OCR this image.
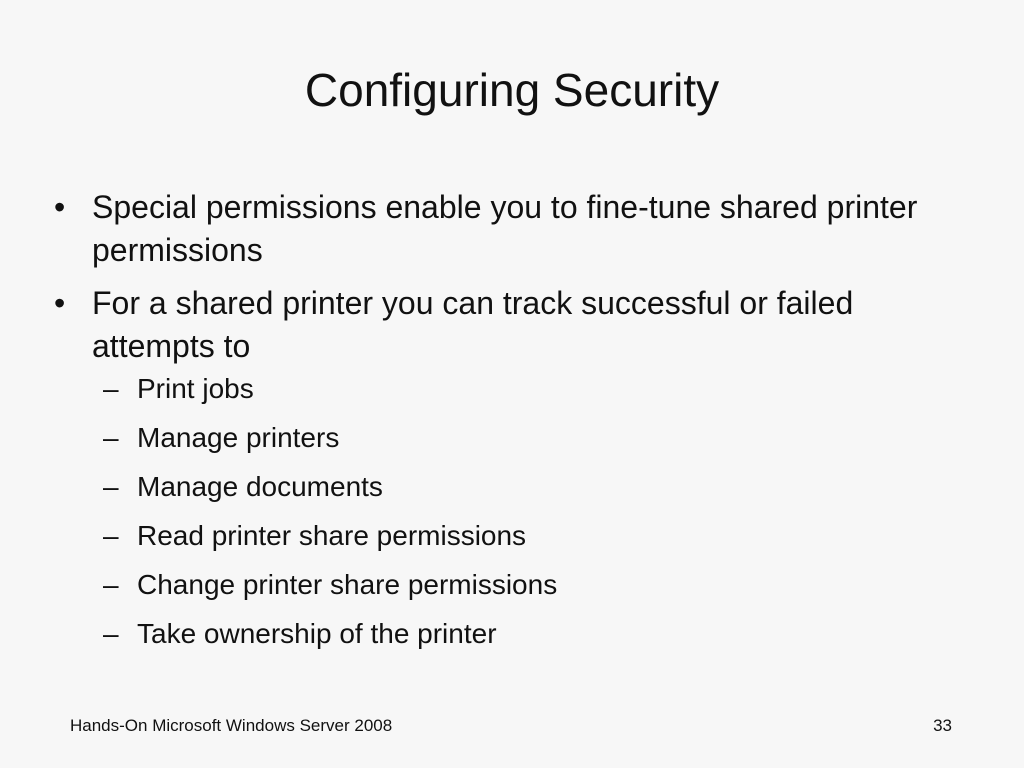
Configuring Security
• Special permissions enable you to fine-tune shared printer permissions
• For a shared printer you can track successful or failed attempts to
– Print jobs
– Manage printers
– Manage documents
– Read printer share permissions
– Change printer share permissions
– Take ownership of the printer
Hands-On Microsoft Windows Server 2008	33
